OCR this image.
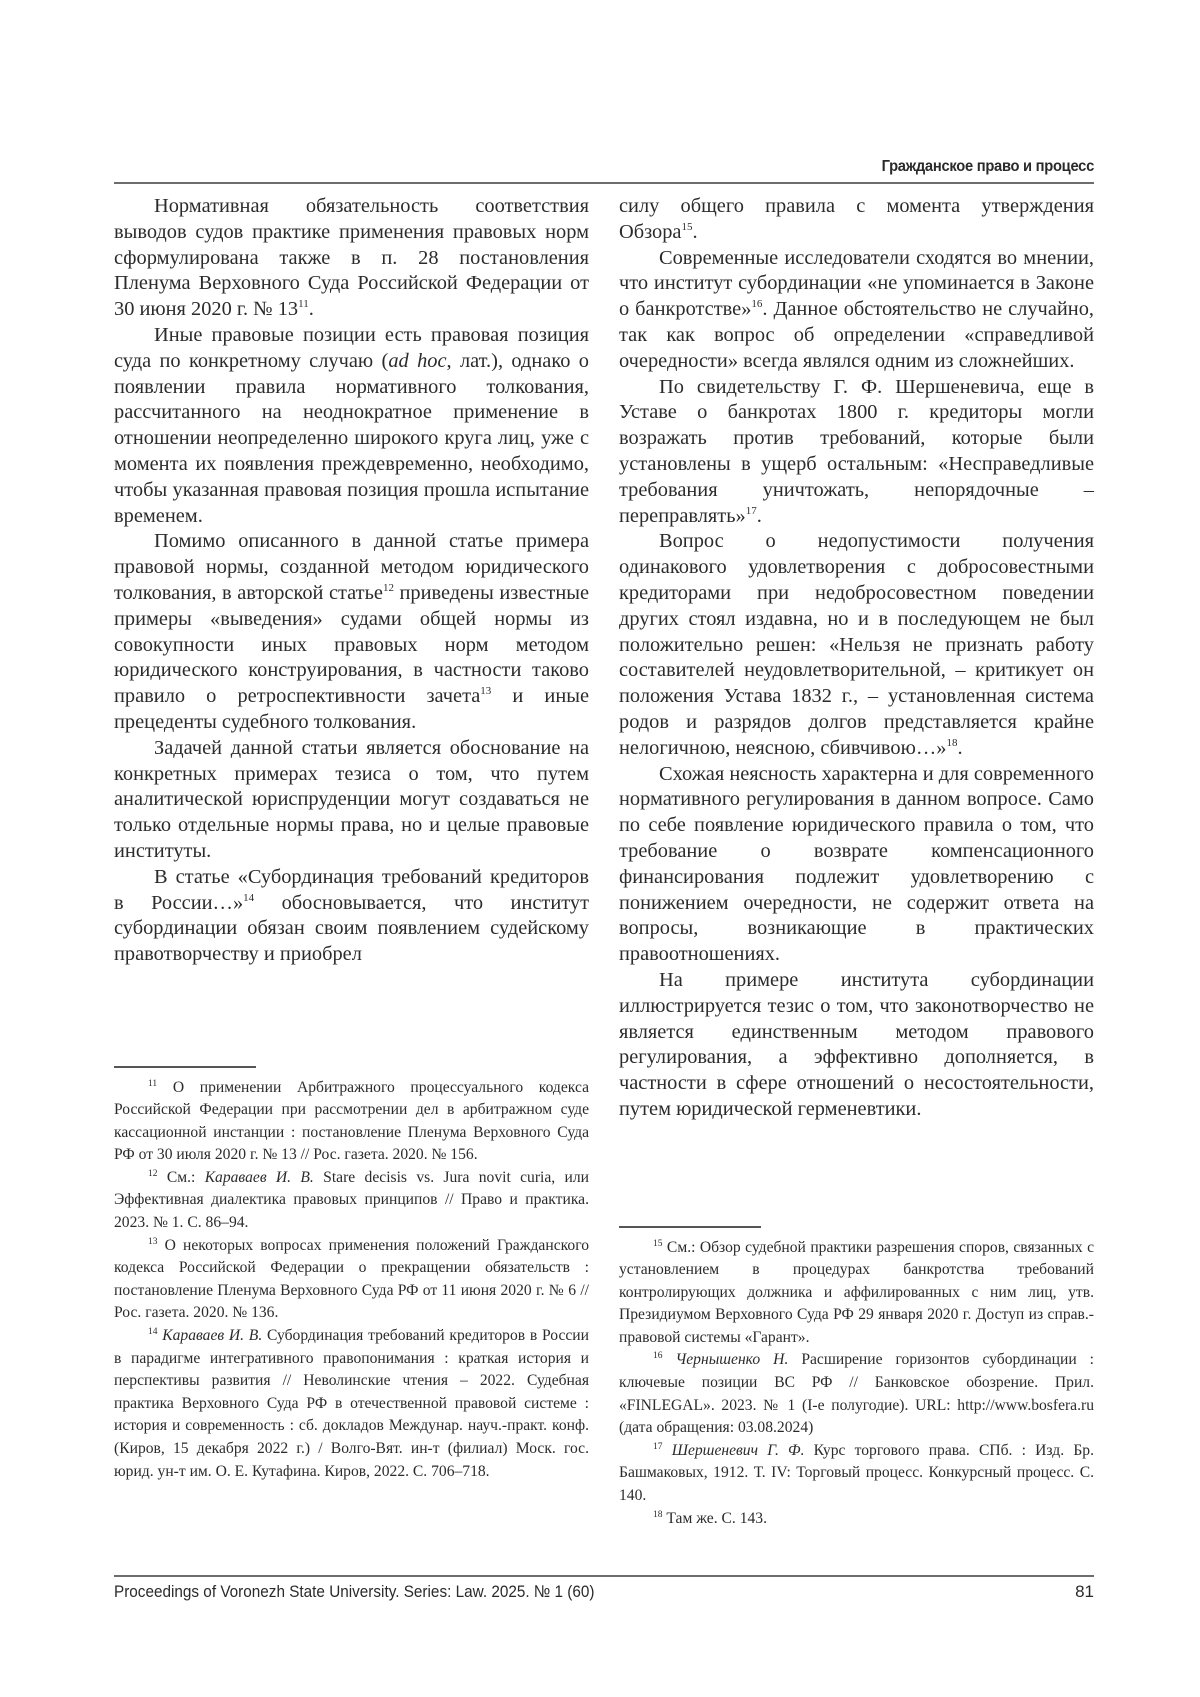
Гражданское право и процесс

Нормативная обязательность соответствия выводов судов практике применения правовых норм сформулирована также в п. 28 постановления Пленума Верховного Суда Российской Федерации от 30 июня 2020 г. № $13^{11}$.

Иные правовые позиции есть правовая позиция суда по конкретному случаю (ad hoc, лат.), однако о появлении правила нормативного толкования, рассчитанного на неоднократное применение в отношении неопределенно широкого круга лиц, уже с момента их появления преждевременно, необходимо, чтобы указанная правовая позиция прошла испытание временем.

Помимо описанного в данной статье примера правовой нормы, созданной методом юридического толкования, в авторской статье$^{12}$ приведены известные примеры «выведения» судами общей нормы из совокупности иных правовых норм методом юридического конструирования, в частности таково правило о ретроспективности зачета$^{13}$ и иные прецеденты судебного толкования.

Задачей данной статьи является обоснование на конкретных примерах тезиса о том, что путем аналитической юриспруденции могут создаваться не только отдельные нормы права, но и целые правовые институты.

В статье «Субординация требований кредиторов в России…»$^{14}$ обосновывается, что институт субординации обязан своим появлением судейскому правотворчеству и приобрел

силу общего правила с момента утверждения Обзора$^{15}$.

Современные исследователи сходятся во мнении, что институт субординации «не упоминается в Законе о банкротстве»$^{16}$. Данное обстоятельство не случайно, так как вопрос об определении «справедливой очередности» всегда являлся одним из сложнейших.

По свидетельству Г. Ф. Шершеневича, еще в Уставе о банкротах 1800 г. кредиторы могли возражать против требований, которые были установлены в ущерб остальным: «Несправедливые требования уничтожать, непорядочные – переправлять»$^{17}$.

Вопрос о недопустимости получения одинакового удовлетворения с добросовестными кредиторами при недобросовестном поведении других стоял издавна, но и в последующем не был положительно решен: «Нельзя не признать работу составителей неудовлетворительной, – критикует он положения Устава 1832 г., – установленная система родов и разрядов долгов представляется крайне нелогичною, неясною, сбивчивою…»$^{18}$.

Схожая неясность характерна и для современного нормативного регулирования в данном вопросе. Само по себе появление юридического правила о том, что требование о возврате компенсационного финансирования подлежит удовлетворению с понижением очередности, не содержит ответа на вопросы, возникающие в практических правоотношениях.

На примере института субординации иллюстрируется тезис о том, что законотворчество не является единственным методом правового регулирования, а эффективно дополняется, в частности в сфере отношений о несостоятельности, путем юридической герменевтики.

$^{11}$ О применении Арбитражного процессуального кодекса Российской Федерации при рассмотрении дел в арбитражном суде кассационной инстанции : постановление Пленума Верховного Суда РФ от 30 июля 2020 г. № 13 // Рос. газета. 2020. № 156.

$^{12}$ См.: Караваев И. В. Stare decisis vs. Jura novit curia, или Эффективная диалектика правовых принципов // Право и практика. 2023. № 1. С. 86–94.

$^{13}$ О некоторых вопросах применения положений Гражданского кодекса Российской Федерации о прекращении обязательств : постановление Пленума Верховного Суда РФ от 11 июня 2020 г. № 6 // Рос. газета. 2020. № 136.

$^{14}$ Караваев И. В. Субординация требований кредиторов в России в парадигме интегративного правопонимания : краткая история и перспективы развития // Неволинские чтения – 2022. Судебная практика Верховного Суда РФ в отечественной правовой системе : история и современность : сб. докладов Междунар. науч.-практ. конф. (Киров, 15 декабря 2022 г.) / Волго-Вят. ин-т (филиал) Моск. гос. юрид. ун-т им. О. Е. Кутафина. Киров, 2022. С. 706–718.

$^{15}$ См.: Обзор судебной практики разрешения споров, связанных с установлением в процедурах банкротства требований контролирующих должника и аффилированных с ним лиц, утв. Президиумом Верховного Суда РФ 29 января 2020 г. Доступ из справ.-правовой системы «Гарант».

$^{16}$ Чернышенко Н. Расширение горизонтов субординации : ключевые позиции ВС РФ // Банковское обозрение. Прил. «FINLEGAL». 2023. № 1 (I-е полугодие). URL: http://www.bosfera.ru (дата обращения: 03.08.2024)

$^{17}$ Шершеневич Г. Ф. Курс торгового права. СПб. : Изд. Бр. Башмаковых, 1912. Т. IV: Торговый процесс. Конкурсный процесс. С. 140.

$^{18}$ Там же. С. 143.

Proceedings of Voronezh State University. Series: Law. 2025. № 1 (60)	81
